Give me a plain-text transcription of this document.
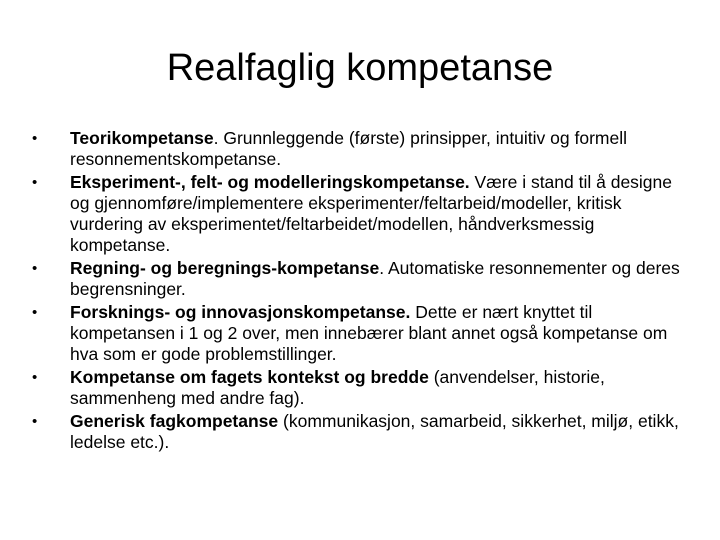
Realfaglig kompetanse
•	Teorikompetanse. Grunnleggende (første) prinsipper, intuitiv og formell resonnementskompetanse.
•	Eksperiment-, felt- og modelleringskompetanse. Være i stand til å designe og gjennomføre/implementere eksperimenter/feltarbeid/modeller, kritisk vurdering av eksperimentet/feltarbeidet/modellen, håndverksmessig kompetanse.
•	Regning- og beregnings-kompetanse. Automatiske resonnementer og deres begrensninger.
•	Forsknings- og innovasjonskompetanse. Dette er nært knyttet til kompetansen i 1 og 2 over, men innebærer blant annet også kompetanse om hva som er gode problemstillinger.
•	Kompetanse om fagets kontekst og bredde (anvendelser, historie, sammenheng med andre fag).
•	Generisk fagkompetanse (kommunikasjon, samarbeid, sikkerhet, miljø, etikk, ledelse etc.).
